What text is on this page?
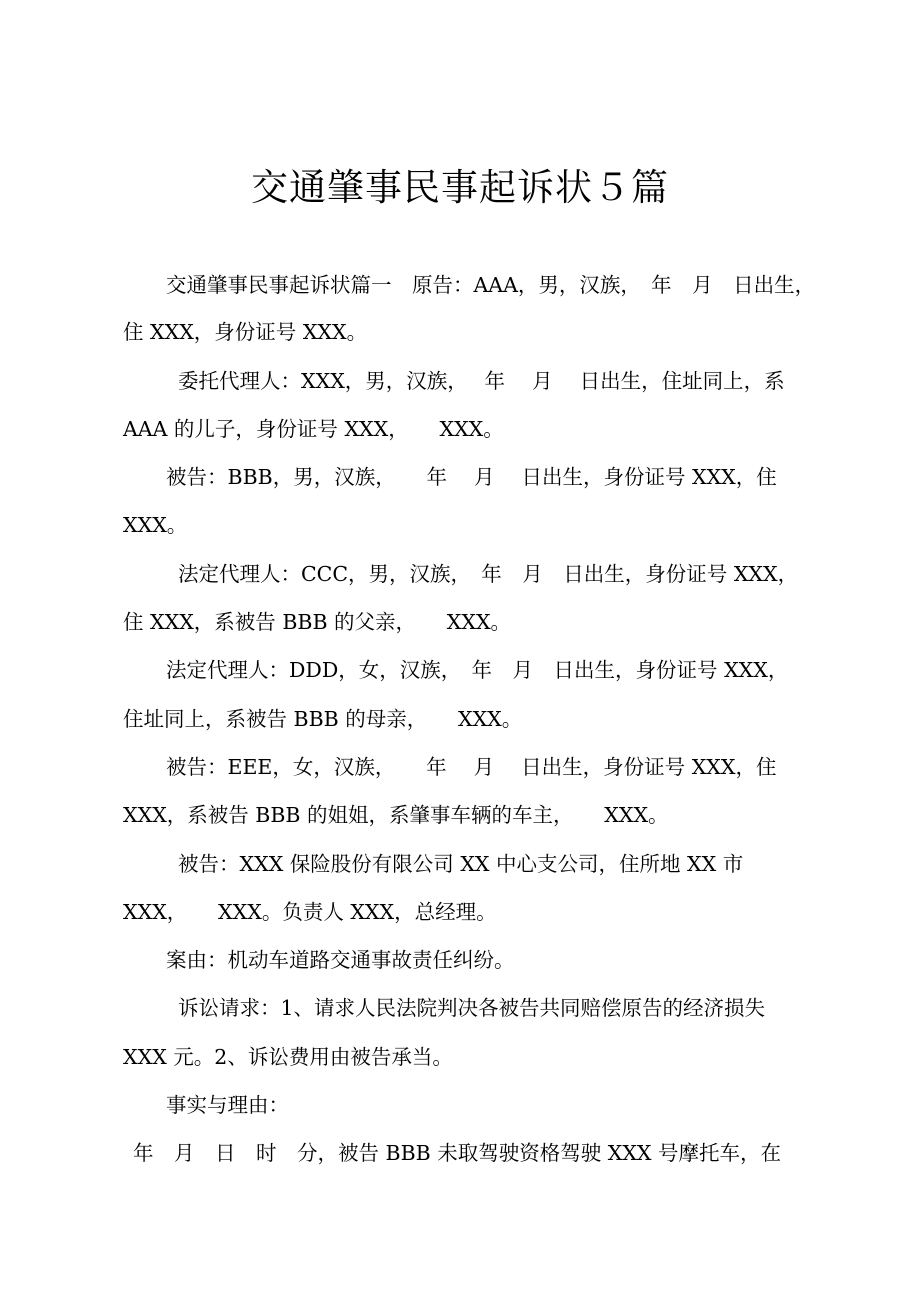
交通肇事民事起诉状５篇
交通肇事民事起诉状篇一　原告：AAA，男，汉族，　年　月　日出生，
住 XXX，身份证号 XXX。
委托代理人：XXX，男，汉族，　 年　 月　 日出生，住址同上，系
AAA 的儿子，身份证号 XXX，　　XXX。
被告：BBB，男，汉族，　　年　 月　 日出生，身份证号 XXX，住
XXX。
法定代理人：CCC，男，汉族，　年　月　日出生，身份证号 XXX，
住 XXX，系被告 BBB 的父亲，　　XXX。
法定代理人：DDD，女，汉族，　年　月　日出生，身份证号 XXX，
住址同上，系被告 BBB 的母亲，　　XXX。
被告：EEE，女，汉族，　　年　 月　 日出生，身份证号 XXX，住
XXX，系被告 BBB 的姐姐，系肇事车辆的车主，　　XXX。
被告：XXX 保险股份有限公司 XX 中心支公司，住所地 XX 市
XXX，　　XXX。负责人 XXX，总经理。
案由：机动车道路交通事故责任纠纷。
诉讼请求：1、请求人民法院判决各被告共同赔偿原告的经济损失
XXX 元。2、诉讼费用由被告承当。
事实与理由：
年　月　日　时　分，被告 BBB 未取驾驶资格驾驶 XXX 号摩托车，在
